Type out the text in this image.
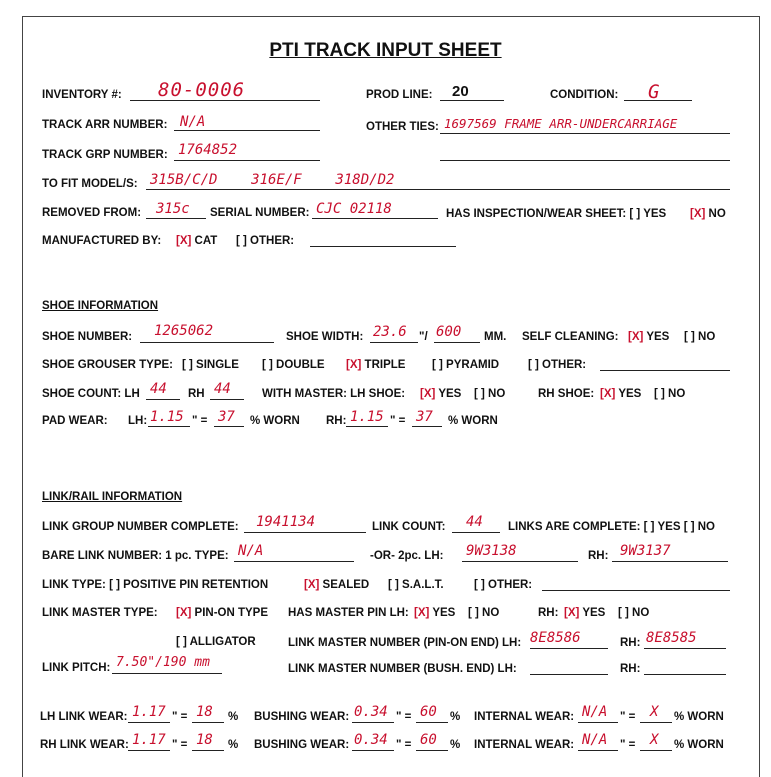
PTI TRACK INPUT SHEET
INVENTORY #: 80-0006	PROD LINE: 20	CONDITION: G
TRACK ARR NUMBER: N/A	OTHER TIES: 1697569 FRAME ARR-UNDERCARRIAGE
TRACK GRP NUMBER: 1764852
TO FIT MODEL/S: 315B/C/D    316E/F    318D/D2
REMOVED FROM: 315c SERIAL NUMBER: CJC 02118	HAS INSPECTION/WEAR SHEET: [ ] YES [X] NO
MANUFACTURED BY: [X] CAT [ ] OTHER:
SHOE INFORMATION
SHOE NUMBER: 1265062	SHOE WIDTH: 23.6 "/ 600 MM. SELF CLEANING: [X] YES [ ] NO
SHOE GROUSER TYPE: [ ] SINGLE [ ] DOUBLE [X] TRIPLE [ ] PYRAMID	[ ] OTHER:
SHOE COUNT: LH 44 RH 44	WITH MASTER: LH SHOE: [X] YES [ ] NO	RH SHOE: [X] YES [ ] NO
PAD WEAR: LH: 1.15 " = 37 % WORN RH: 1.15 " = 37 % WORN
LINK/RAIL INFORMATION
LINK GROUP NUMBER COMPLETE: 1941134	LINK COUNT: 44 LINKS ARE COMPLETE: [ ] YES [ ] NO
BARE LINK NUMBER: 1 pc. TYPE: N/A	-OR- 2pc. LH: 9W3138	RH: 9W3137
LINK TYPE: [ ] POSITIVE PIN RETENTION	[X] SEALED [ ] S.A.L.T.	[ ] OTHER:
LINK MASTER TYPE: [X] PIN-ON TYPE HAS MASTER PIN LH: [X] YES [ ] NO	RH: [X] YES [ ] NO
[ ] ALLIGATOR	LINK MASTER NUMBER (PIN-ON END) LH: 8E8586	RH: 8E8585
LINK PITCH: 7.50"/190 mm	LINK MASTER NUMBER (BUSH. END) LH:	RH:
LH LINK WEAR: 1.17 " = 18 % BUSHING WEAR: 0.34 " = 60 % INTERNAL WEAR: N/A " = X % WORN
RH LINK WEAR: 1.17 " = 18 % BUSHING WEAR: 0.34 " = 60 % INTERNAL WEAR: N/A " = X % WORN
